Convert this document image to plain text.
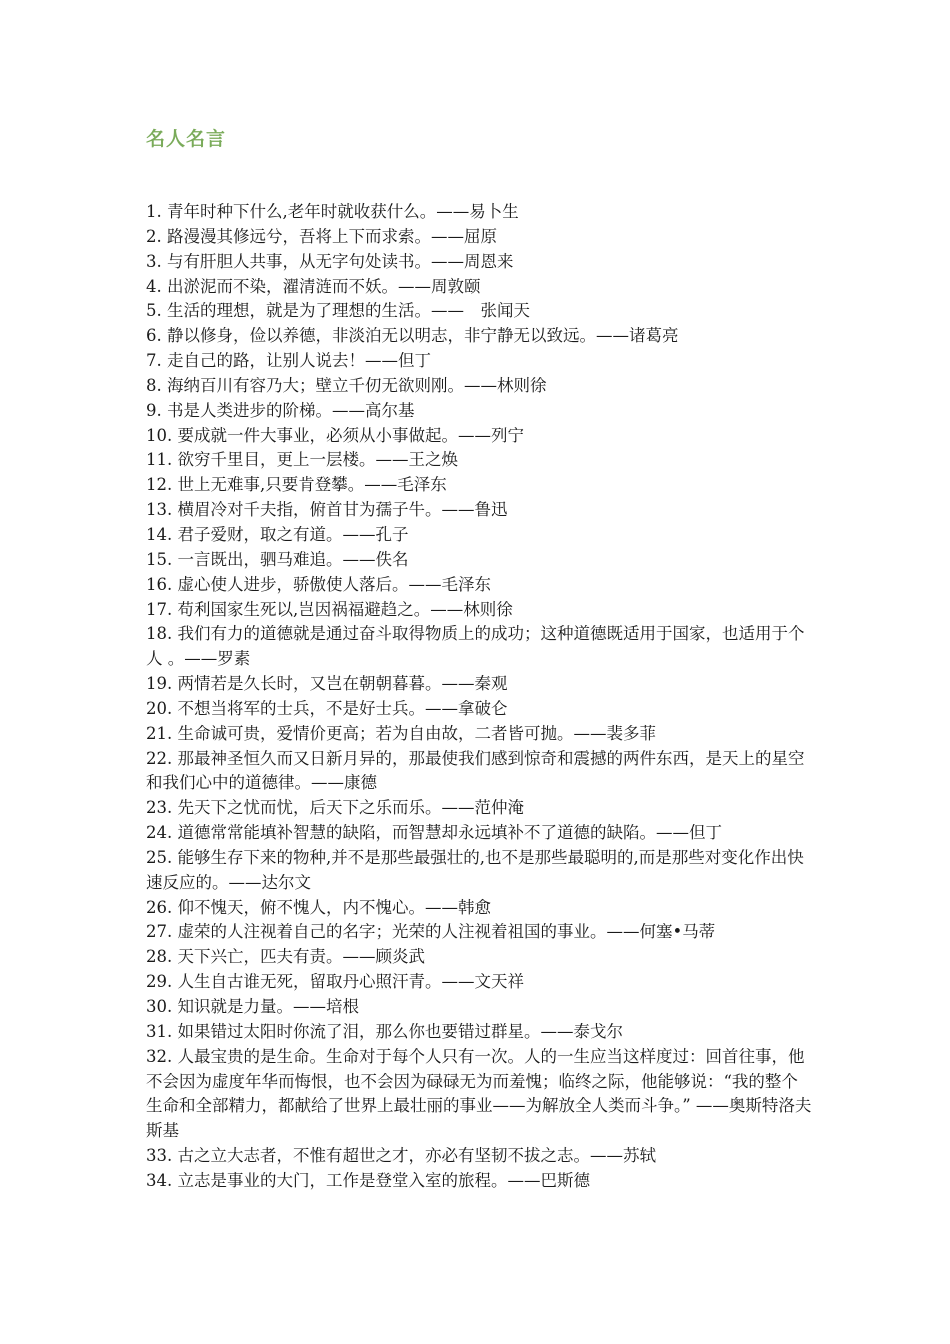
名人名言
1. 青年时种下什么,老年时就收获什么。——易卜生
2. 路漫漫其修远兮，吾将上下而求索。——屈原
3. 与有肝胆人共事，从无字句处读书。——周恩来
4. 出淤泥而不染，濯清涟而不妖。——周敦颐
5. 生活的理想，就是为了理想的生活。——　张闻天
6. 静以修身，俭以养德，非淡泊无以明志，非宁静无以致远。——诸葛亮
7. 走自己的路，让别人说去！——但丁
8. 海纳百川有容乃大；壁立千仞无欲则刚。——林则徐
9. 书是人类进步的阶梯。——高尔基
10. 要成就一件大事业，必须从小事做起。——列宁
11. 欲穷千里目，更上一层楼。——王之焕
12. 世上无难事,只要肯登攀。——毛泽东
13. 横眉冷对千夫指，俯首甘为孺子牛。——鲁迅
14. 君子爱财，取之有道。——孔子
15. 一言既出，驷马难追。——佚名
16. 虚心使人进步，骄傲使人落后。——毛泽东
17. 苟利国家生死以,岂因祸福避趋之。——林则徐
18. 我们有力的道德就是通过奋斗取得物质上的成功；这种道德既适用于国家，也适用于个人 。——罗素
19. 两情若是久长时，又岂在朝朝暮暮。——秦观
20. 不想当将军的士兵，不是好士兵。——拿破仑
21. 生命诚可贵，爱情价更高；若为自由故，二者皆可抛。——裴多菲
22. 那最神圣恒久而又日新月异的，那最使我们感到惊奇和震撼的两件东西，是天上的星空和我们心中的道德律。——康德
23. 先天下之忧而忧，后天下之乐而乐。——范仲淹
24. 道德常常能填补智慧的缺陷，而智慧却永远填补不了道德的缺陷。——但丁
25. 能够生存下来的物种,并不是那些最强壮的,也不是那些最聪明的,而是那些对变化作出快速反应的。——达尔文
26. 仰不愧天，俯不愧人，内不愧心。——韩愈
27. 虚荣的人注视着自己的名字；光荣的人注视着祖国的事业。——何塞•马蒂
28. 天下兴亡，匹夫有责。——顾炎武
29. 人生自古谁无死，留取丹心照汗青。——文天祥
30. 知识就是力量。——培根
31. 如果错过太阳时你流了泪，那么你也要错过群星。——泰戈尔
32. 人最宝贵的是生命。生命对于每个人只有一次。人的一生应当这样度过：回首往事，他不会因为虚度年华而悔恨，也不会因为碌碌无为而羞愧；临终之际，他能够说：“我的整个生命和全部精力，都献给了世界上最壮丽的事业——为解放全人类而斗争。” ——奥斯特洛夫斯基
33. 古之立大志者，不惟有超世之才，亦必有坚韧不拔之志。——苏轼
34. 立志是事业的大门，工作是登堂入室的旅程。——巴斯德
